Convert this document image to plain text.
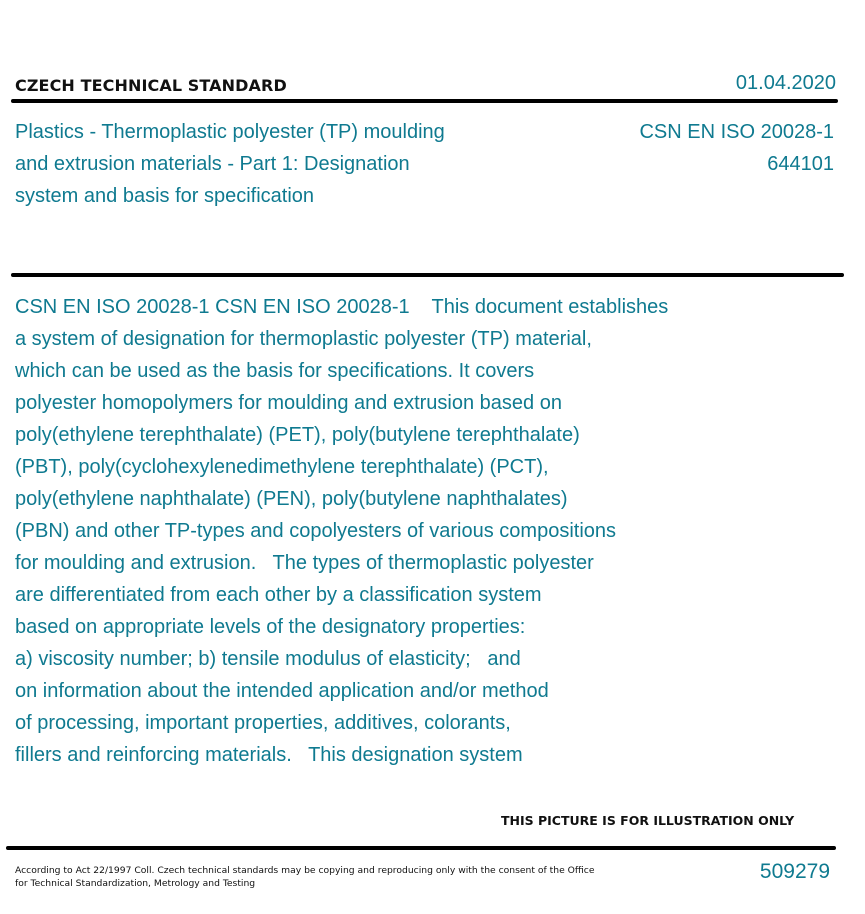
CZECH TECHNICAL STANDARD	01.04.2020
Plastics - Thermoplastic polyester (TP) moulding
and extrusion materials - Part 1: Designation
system and basis for specification
CSN EN ISO 20028-1
644101
CSN EN ISO 20028-1 CSN EN ISO 20028-1    This document establishes
a system of designation for thermoplastic polyester (TP) material,
which can be used as the basis for specifications. It covers
polyester homopolymers for moulding and extrusion based on
poly(ethylene terephthalate) (PET), poly(butylene terephthalate)
(PBT), poly(cyclohexylenedimethylene terephthalate) (PCT),
poly(ethylene naphthalate) (PEN), poly(butylene naphthalates)
(PBN) and other TP-types and copolyesters of various compositions
for moulding and extrusion.   The types of thermoplastic polyester
are differentiated from each other by a classification system
based on appropriate levels of the designatory properties:
a) viscosity number; b) tensile modulus of elasticity;   and
on information about the intended application and/or method
of processing, important properties, additives, colorants,
fillers and reinforcing materials.   This designation system
THIS PICTURE IS FOR ILLUSTRATION ONLY
According to Act 22/1997 Coll. Czech technical standards may be copying and reproducing only with the consent of the Office
for Technical Standardization, Metrology and Testing
509279
